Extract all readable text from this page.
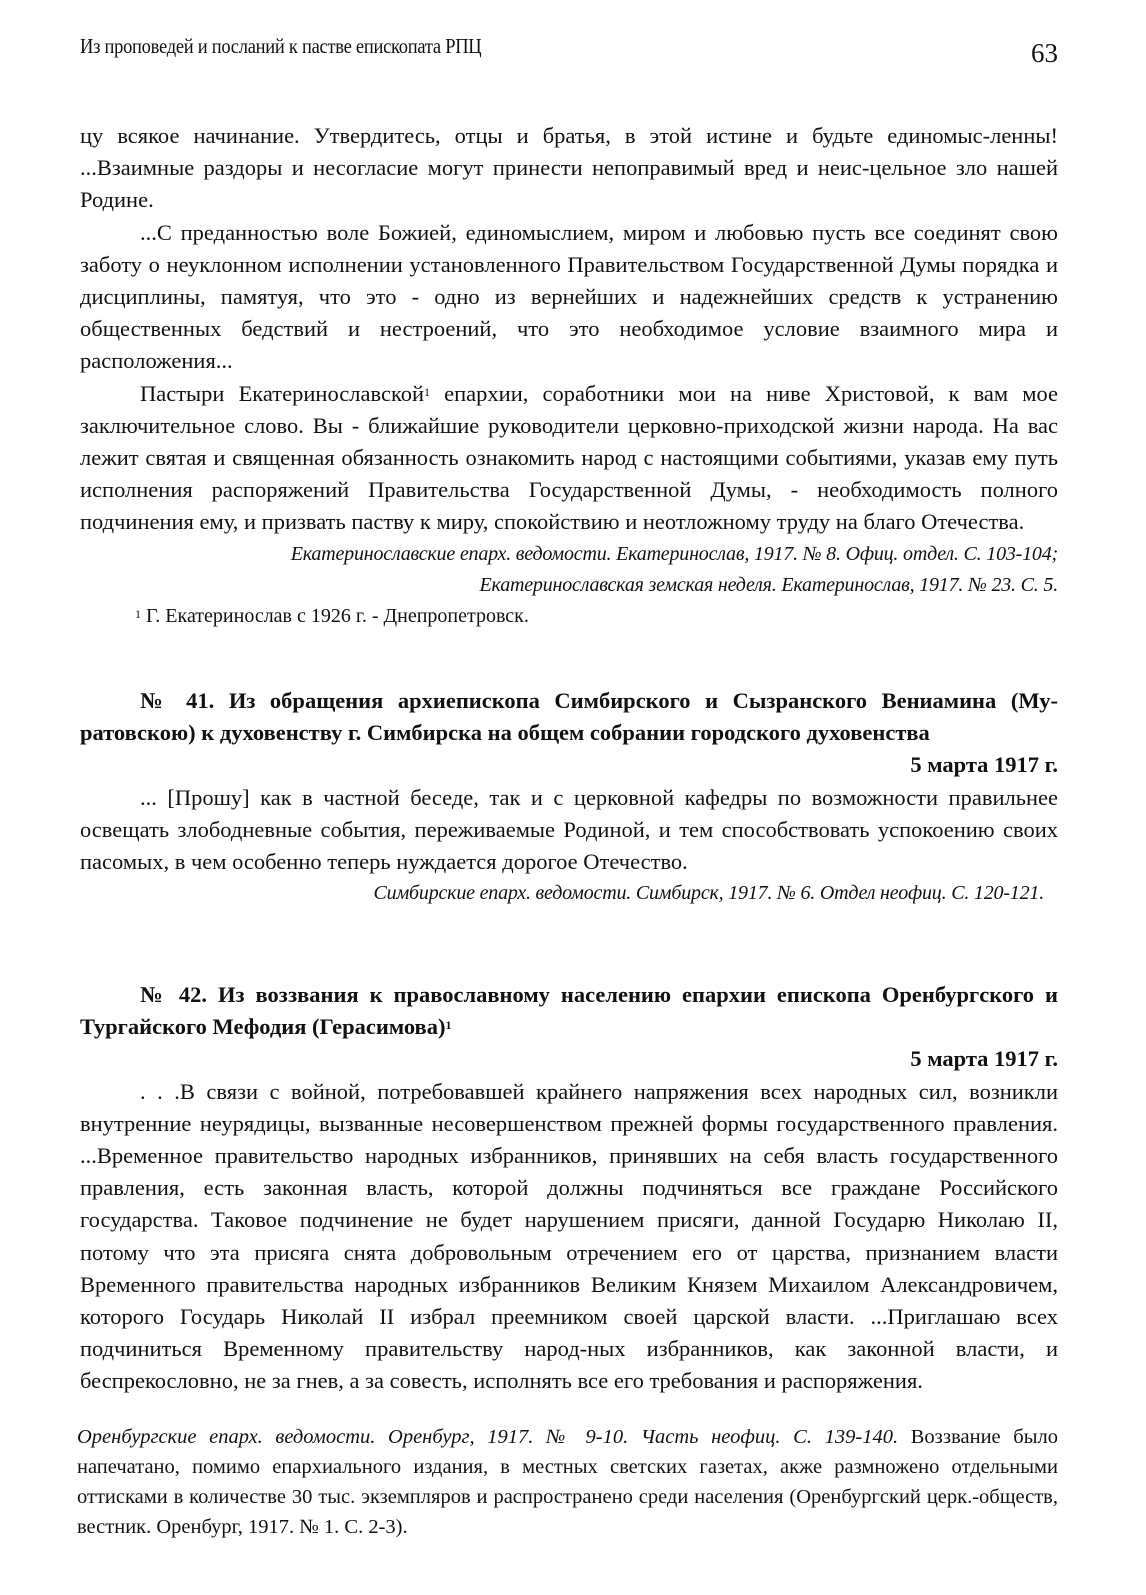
Из проповедей и посланий к пастве епископата РПЦ	63

цу всякое начинание. Утвердитесь, отцы и братья, в этой истине и будьте единомыс-ленны! ...Взаимные раздоры и несогласие могут принести непоправимый вред и неис-цельное зло нашей Родине.

...С преданностью воле Божией, единомыслием, миром и любовью пусть все соединят свою заботу о неуклонном исполнении установленного Правительством Государственной Думы порядка и дисциплины, памятуя, что это - одно из вернейших и надежнейших средств к устранению общественных бедствий и нестроений, что это необходимое условие взаимного мира и расположения...

Пастыри Екатеринославской$^1$ епархии, соработники мои на ниве Христовой, к вам мое заключительное слово. Вы - ближайшие руководители церковно-приходской жизни народа. На вас лежит святая и священная обязанность ознакомить народ с настоящими событиями, указав ему путь исполнения распоряжений Правительства Государственной Думы, - необходимость полного подчинения ему, и призвать паству к миру, спокойствию и неотложному труду на благо Отечества.

Екатеринославские епарх. ведомости. Екатеринослав, 1917. № 8. Офиц. отдел. С. 103-104;

Екатеринославская земская неделя. Екатеринослав, 1917. № 23. С. 5.

$^1$ Г. Екатеринослав с 1926 г. - Днепропетровск.

№ 41. Из обращения архиепископа Симбирского и Сызранского Вениамина (Му-ратовскою) к духовенству г. Симбирска на общем собрании городского духовенства

5 марта 1917 г.

... [Прошу] как в частной беседе, так и с церковной кафедры по возможности правильнее освещать злободневные события, переживаемые Родиной, и тем способствовать успокоению своих пасомых, в чем особенно теперь нуждается дорогое Отечество.

Симбирские епарх. ведомости. Симбирск, 1917. № 6. Отдел неофиц. С. 120-121.

№ 42. Из воззвания к православному населению епархии епископа Оренбургского и Тургайского Мефодия (Герасимова)$^1$

5 марта 1917 г.

. . .В связи с войной, потребовавшей крайнего напряжения всех народных сил, возникли внутренние неурядицы, вызванные несовершенством прежней формы государственного правления. ...Временное правительство народных избранников, принявших на себя власть государственного правления, есть законная власть, которой должны подчиняться все граждане Российского государства. Таковое подчинение не будет нарушением присяги, данной Государю Николаю II, потому что эта присяга снята добровольным отречением его от царства, признанием власти Временного правительства народных избранников Великим Князем Михаилом Александровичем, которого Государь Николай II избрал преемником своей царской власти. ...Приглашаю всех подчиниться Временному правительству народ-ных избранников, как законной власти, и беспрекословно, не за гнев, а за совесть, исполнять все его требования и распоряжения.

Оренбургские епарх. ведомости. Оренбург, 1917. № 9-10. Часть неофиц. С. 139-140. Воззвание было напечатано, помимо епархиального издания, в местных светских газетах, акже размножено отдельными оттисками в количестве 30 тыс. экземпляров и распространено среди населения (Оренбургский церк.-обществ, вестник. Оренбург, 1917. № 1. С. 2-3).
